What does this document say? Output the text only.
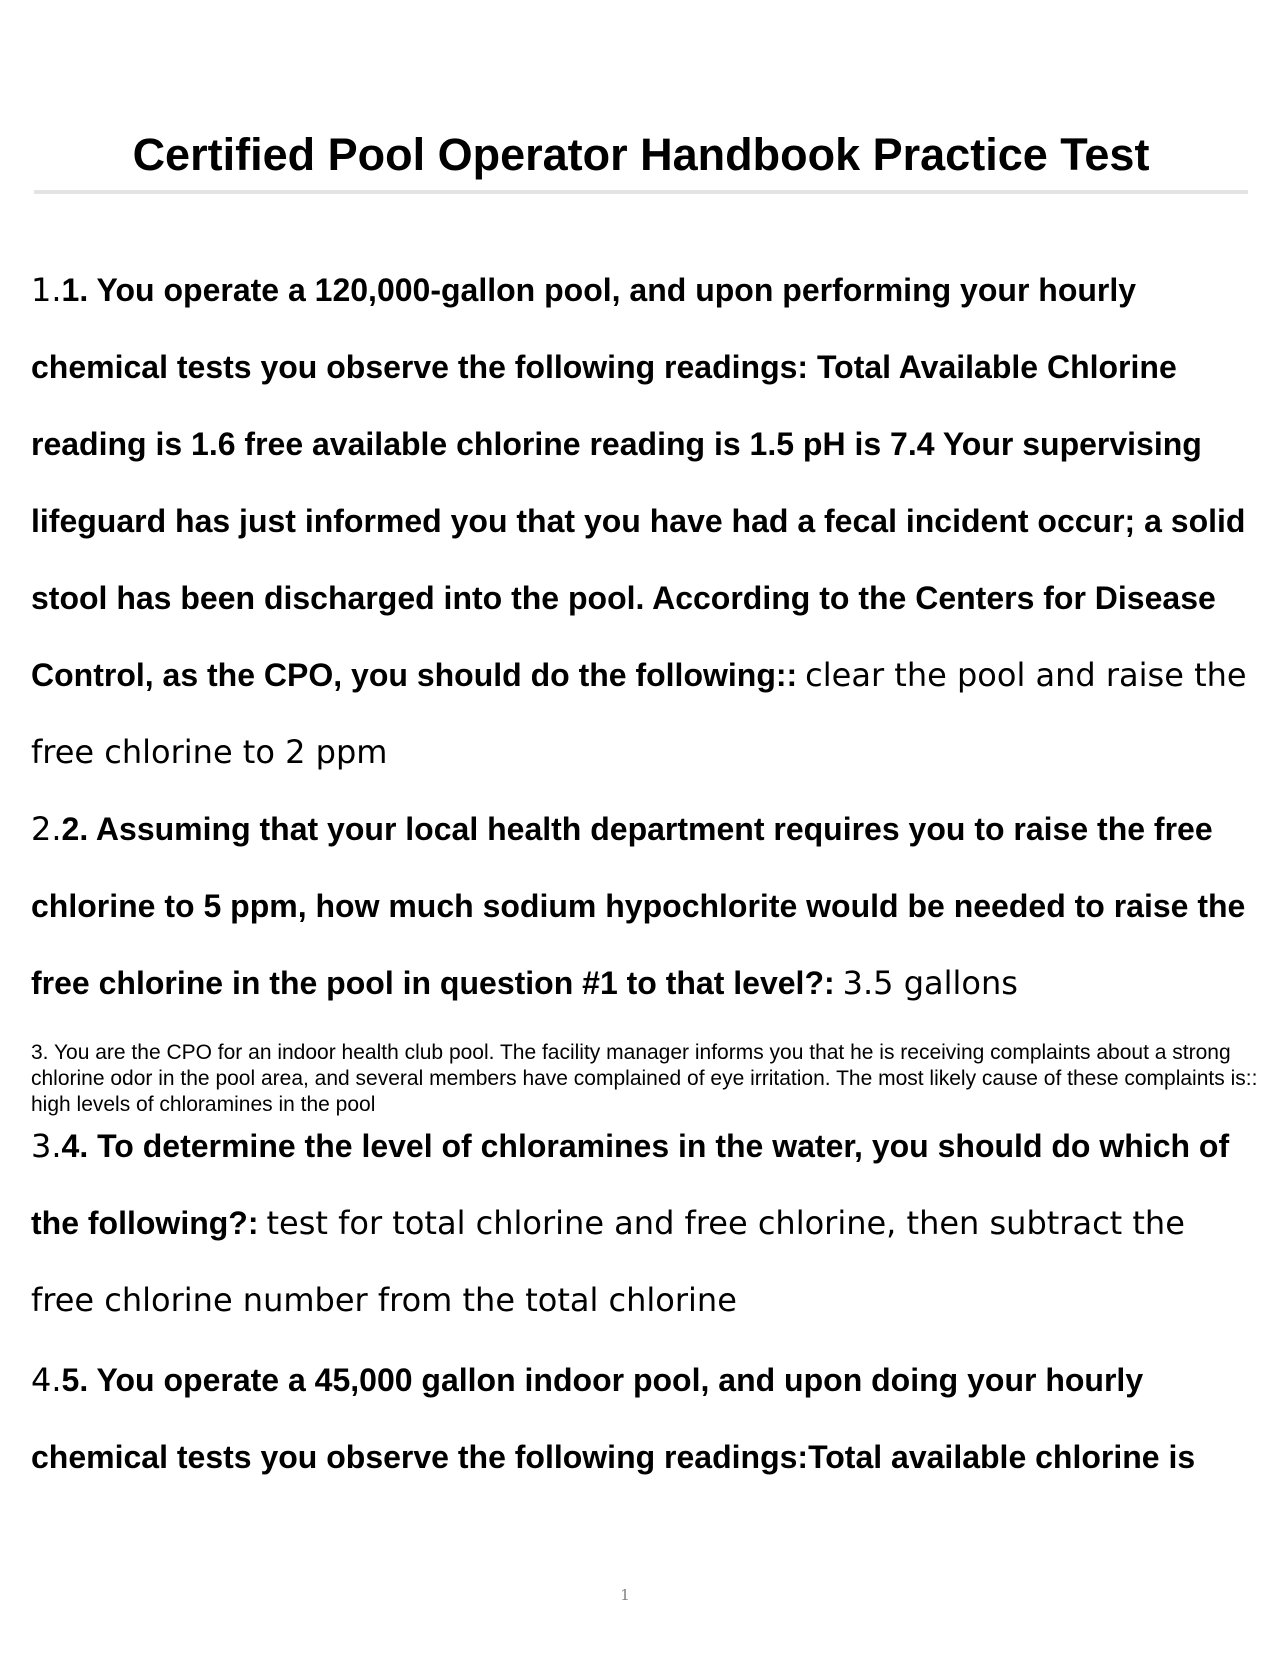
Certified Pool Operator Handbook Practice Test

1.1. You operate a 120,000-gallon pool, and upon performing your hourly chemical tests you observe the following readings: Total Available Chlorine reading is 1.6 free available chlorine reading is 1.5 pH is 7.4 Your supervising lifeguard has just informed you that you have had a fecal incident occur; a solid stool has been discharged into the pool. According to the Centers for Disease Control, as the CPO, you should do the following:: clear the pool and raise the free chlorine to 2 ppm

2.2. Assuming that your local health department requires you to raise the free chlorine to 5 ppm, how much sodium hypochlorite would be needed to raise the free chlorine in the pool in question #1 to that level?: 3.5 gallons

3. You are the CPO for an indoor health club pool. The facility manager informs you that he is receiving complaints about a strong chlorine odor in the pool area, and several members have complained of eye irritation. The most likely cause of these complaints is:: high levels of chloramines in the pool

3.4. To determine the level of chloramines in the water, you should do which of the following?: test for total chlorine and free chlorine, then subtract the free chlorine number from the total chlorine

4.5. You operate a 45,000 gallon indoor pool, and upon doing your hourly chemical tests you observe the following readings:Total available chlorine is

1
